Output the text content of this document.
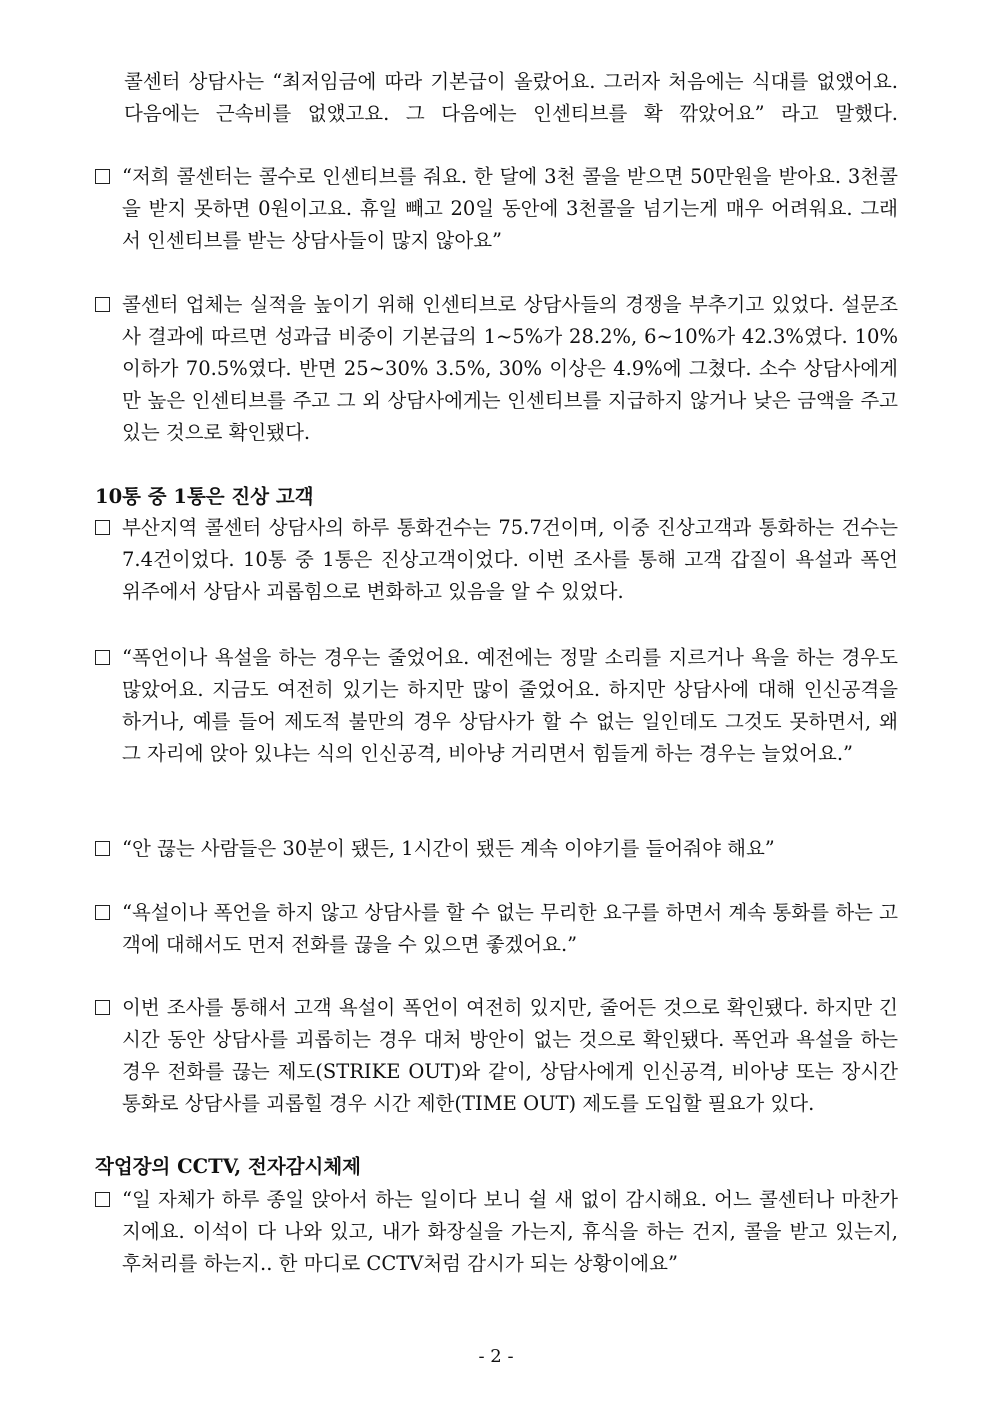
콜센터 상담사는 “최저임금에 따라 기본급이 올랐어요. 그러자 처음에는 식대를 없앴어요. 다음에는 근속비를 없앴고요. 그 다음에는 인센티브를 확 깎았어요” 라고 말했다.
“저희 콜센터는 콜수로 인센티브를 줘요. 한 달에 3천 콜을 받으면 50만원을 받아요. 3천콜을 받지 못하면 0원이고요. 휴일 빼고 20일 동안에 3천콜을 넘기는게 매우 어려워요. 그래서 인센티브를 받는 상담사들이 많지 않아요”
콜센터 업체는 실적을 높이기 위해 인센티브로 상담사들의 경쟁을 부추기고 있었다. 설문조사 결과에 따르면 성과급 비중이 기본급의 1~5%가 28.2%, 6~10%가 42.3%였다. 10% 이하가 70.5%였다. 반면 25~30% 3.5%, 30% 이상은 4.9%에 그쳤다. 소수 상담사에게만 높은 인센티브를 주고 그 외 상담사에게는 인센티브를 지급하지 않거나 낮은 금액을 주고 있는 것으로 확인됐다.
10통 중 1통은 진상 고객
부산지역 콜센터 상담사의 하루 통화건수는 75.7건이며, 이중 진상고객과 통화하는 건수는 7.4건이었다. 10통 중 1통은 진상고객이었다. 이번 조사를 통해 고객 갑질이 욕설과 폭언 위주에서 상담사 괴롭힘으로 변화하고 있음을 알 수 있었다.
“폭언이나 욕설을 하는 경우는 줄었어요. 예전에는 정말 소리를 지르거나 욕을 하는 경우도 많았어요. 지금도 여전히 있기는 하지만 많이 줄었어요. 하지만 상담사에 대해 인신공격을 하거나, 예를 들어 제도적 불만의 경우 상담사가 할 수 없는 일인데도 그것도 못하면서, 왜 그 자리에 앉아 있냐는 식의 인신공격, 비아냥 거리면서 힘들게 하는 경우는 늘었어요.”
“안 끊는 사람들은 30분이 됐든, 1시간이 됐든 계속 이야기를 들어줘야 해요”
“욕설이나 폭언을 하지 않고 상담사를 할 수 없는 무리한 요구를 하면서 계속 통화를 하는 고객에 대해서도 먼저 전화를 끊을 수 있으면 좋겠어요.”
이번 조사를 통해서 고객 욕설이 폭언이 여전히 있지만, 줄어든 것으로 확인됐다. 하지만 긴 시간 동안 상담사를 괴롭히는 경우 대처 방안이 없는 것으로 확인됐다. 폭언과 욕설을 하는 경우 전화를 끊는 제도(STRIKE OUT)와 같이, 상담사에게 인신공격, 비아냥 또는 장시간 통화로 상담사를 괴롭힐 경우 시간 제한(TIME OUT) 제도를 도입할 필요가 있다.
작업장의 CCTV, 전자감시체제
“일 자체가 하루 종일 앉아서 하는 일이다 보니 쉴 새 없이 감시해요. 어느 콜센터나 마찬가지에요. 이석이 다 나와 있고, 내가 화장실을 가는지, 휴식을 하는 건지, 콜을 받고 있는지, 후처리를 하는지.. 한 마디로 CCTV처럼 감시가 되는 상황이에요”
- 2 -
